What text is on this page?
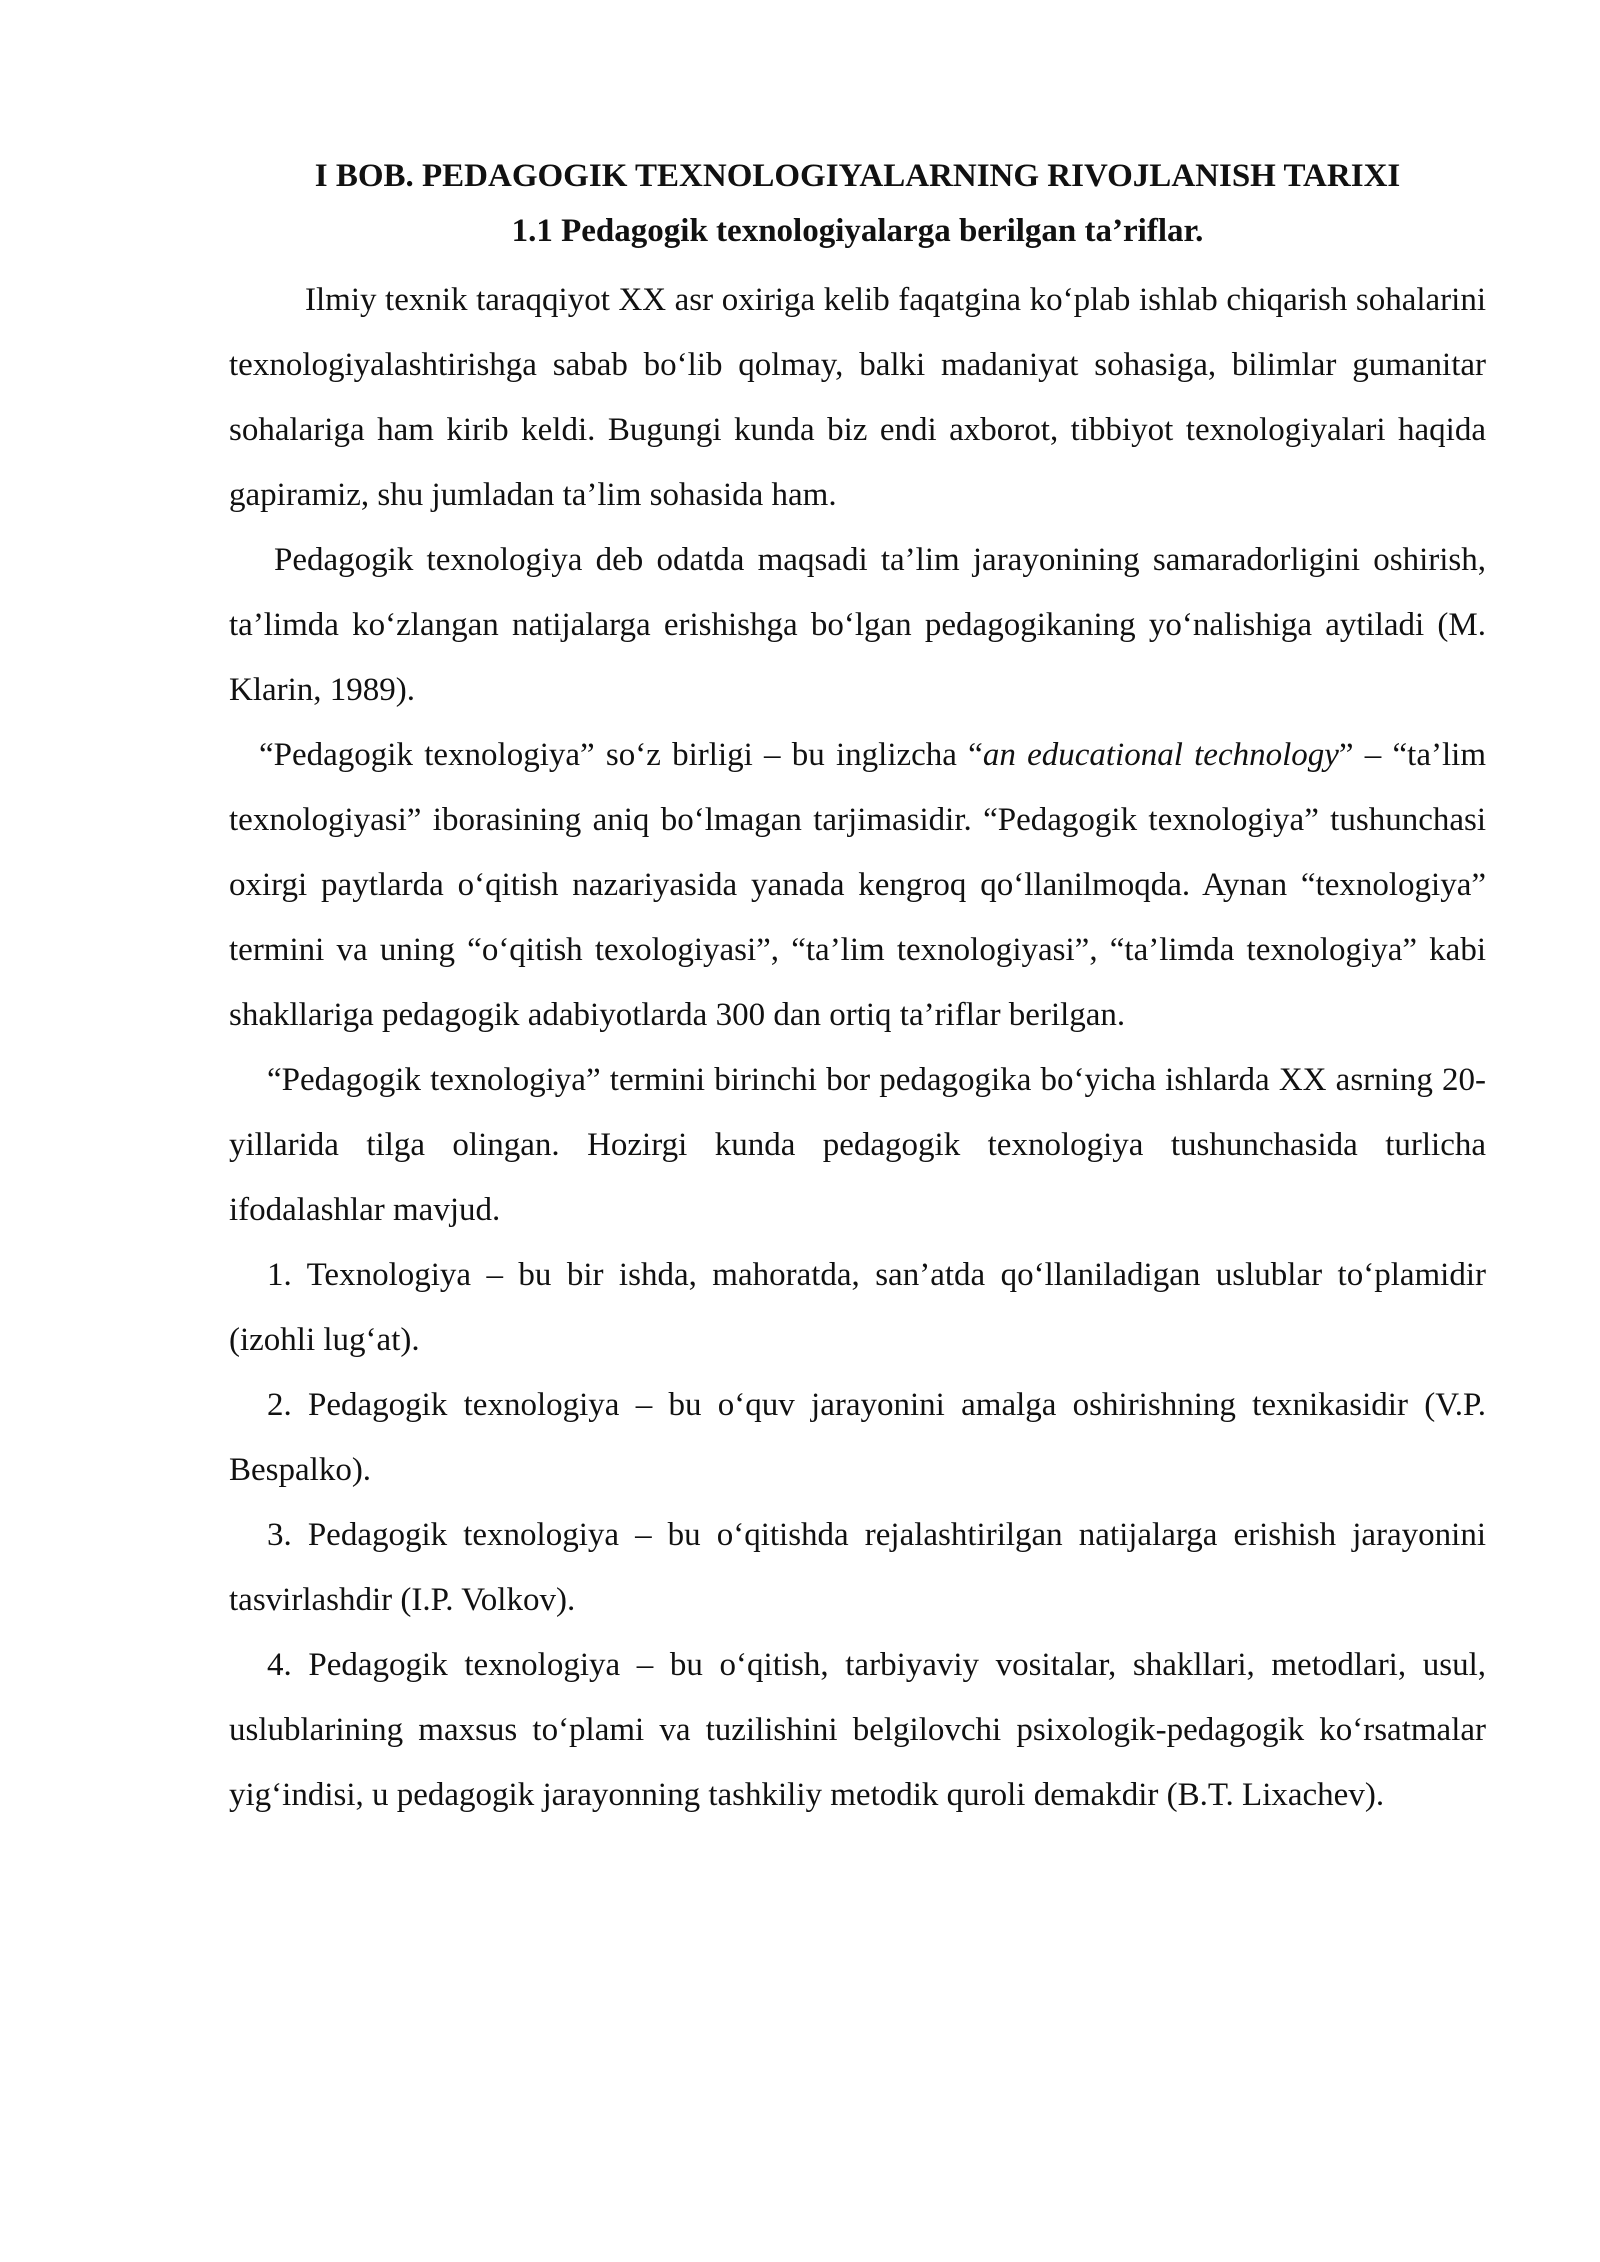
I BOB. PEDAGOGIK TEXNOLOGIYALARNING RIVOJLANISH TARIXI
1.1 Pedagogik texnologiyalarga berilgan ta’riflar.

Ilmiy texnik taraqqiyot XX asr oxiriga kelib faqatgina ko‘plab ishlab chiqarish sohalarini texnologiyalashtirishga sabab bo‘lib qolmay, balki madaniyat sohasiga, bilimlar gumanitar sohalariga ham kirib keldi. Bugungi kunda biz endi axborot, tibbiyot texnologiyalari haqida gapiramiz, shu jumladan ta’lim sohasida ham.

Pedagogik texnologiya deb odatda maqsadi ta’lim jarayonining samaradorligini oshirish, ta’limda ko‘zlangan natijalarga erishishga bo‘lgan pedagogikaning yo‘nalishiga aytiladi (M. Klarin, 1989).

“Pedagogik texnologiya” so‘z birligi – bu inglizcha “an educational technology” – “ta’lim texnologiyasi” iborasining aniq bo‘lmagan tarjimasidir. “Pedagogik texnologiya” tushunchasi oxirgi paytlarda o‘qitish nazariyasida yanada kengroq qo‘llanilmoqda. Aynan “texnologiya” termini va uning “o‘qitish texologiyasi”, “ta’lim texnologiyasi”, “ta’limda texnologiya” kabi shakllariga pedagogik adabiyotlarda 300 dan ortiq ta’riflar berilgan.

“Pedagogik texnologiya” termini birinchi bor pedagogika bo‘yicha ishlarda XX asrning 20-yillarida tilga olingan. Hozirgi kunda pedagogik texnologiya tushunchasida turlicha ifodalashlar mavjud.

1. Texnologiya – bu bir ishda, mahoratda, san’atda qo‘llaniladigan uslublar to‘plamidir (izohli lug‘at).

2. Pedagogik texnologiya – bu o‘quv jarayonini amalga oshirishning texnikasidir (V.P. Bespalko).

3. Pedagogik texnologiya – bu o‘qitishda rejalashtirilgan natijalarga erishish jarayonini tasvirlashdir (I.P. Volkov).

4. Pedagogik texnologiya – bu o‘qitish, tarbiyaviy vositalar, shakllari, metodlari, usul, uslublarining maxsus to‘plami va tuzilishini belgilovchi psixologik-pedagogik ko‘rsatmalar yig‘indisi, u pedagogik jarayonning tashkiliy metodik quroli demakdir (B.T. Lixachev).
